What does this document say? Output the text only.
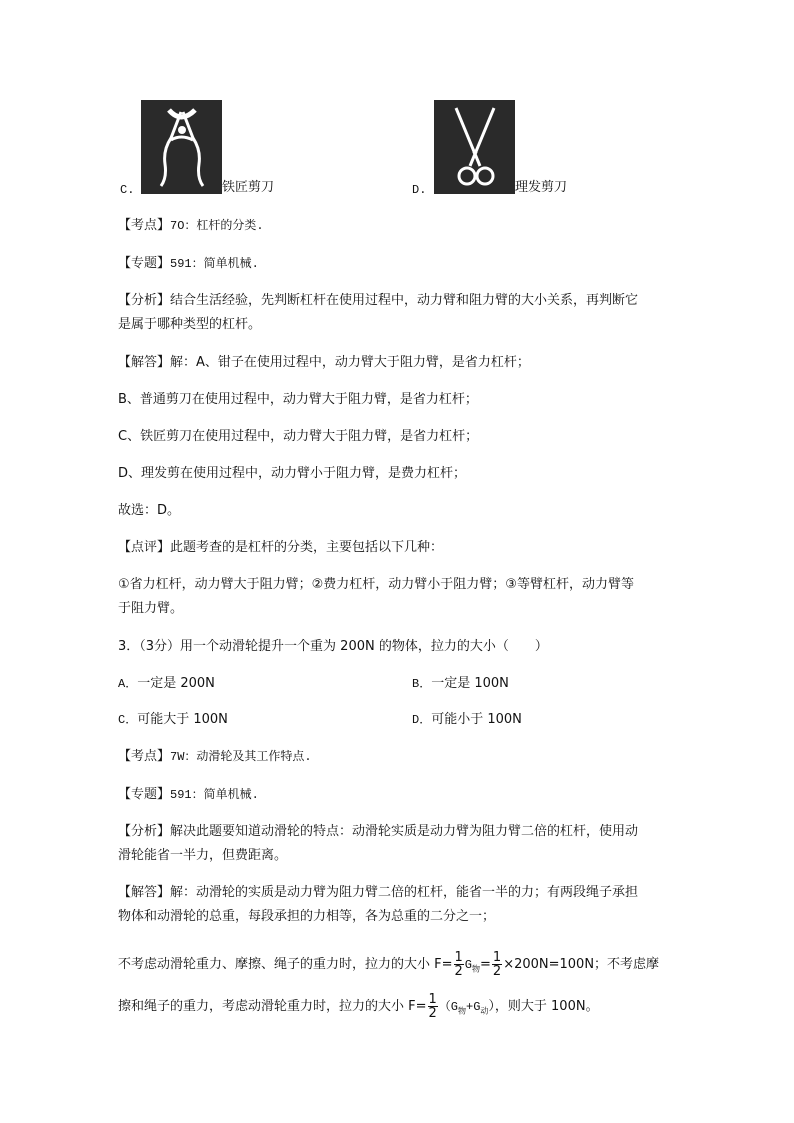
C.	铁匠剪刀	D.	理发剪刀
【考点】7O：杠杆的分类.
【专题】591：简单机械.
【分析】结合生活经验，先判断杠杆在使用过程中，动力臂和阻力臂的大小关系，再判断它
是属于哪种类型的杠杆。
【解答】解：A、钳子在使用过程中，动力臂大于阻力臂，是省力杠杆；
B、普通剪刀在使用过程中，动力臂大于阻力臂，是省力杠杆；
C、铁匠剪刀在使用过程中，动力臂大于阻力臂，是省力杠杆；
D、理发剪在使用过程中，动力臂小于阻力臂，是费力杠杆；
故选：D。
【点评】此题考查的是杠杆的分类，主要包括以下几种：
①省力杠杆，动力臂大于阻力臂；②费力杠杆，动力臂小于阻力臂；③等臂杠杆，动力臂等
于阻力臂。
3．（3分）用一个动滑轮提升一个重为 200N 的物体，拉力的大小（　　）
A．一定是 200N	B．一定是 100N
C．可能大于 100N	D．可能小于 100N
【考点】7W：动滑轮及其工作特点.
【专题】591：简单机械.
【分析】解决此题要知道动滑轮的特点：动滑轮实质是动力臂为阻力臂二倍的杠杆，使用动
滑轮能省一半力，但费距离。
【解答】解：动滑轮的实质是动力臂为阻力臂二倍的杠杆，能省一半的力；有两段绳子承担
物体和动滑轮的总重，每段承担的力相等，各为总重的二分之一；
不考虑动滑轮重力、摩擦、绳子的重力时，拉力的大小 $F= \frac{1}{2} G_物= \frac{1}{2} \times 200N=100N$；不考虑摩
擦和绳子的重力，考虑动滑轮重力时，拉力的大小 $F= \frac{1}{2} (G_物+G_动)$，则大于 100N。
